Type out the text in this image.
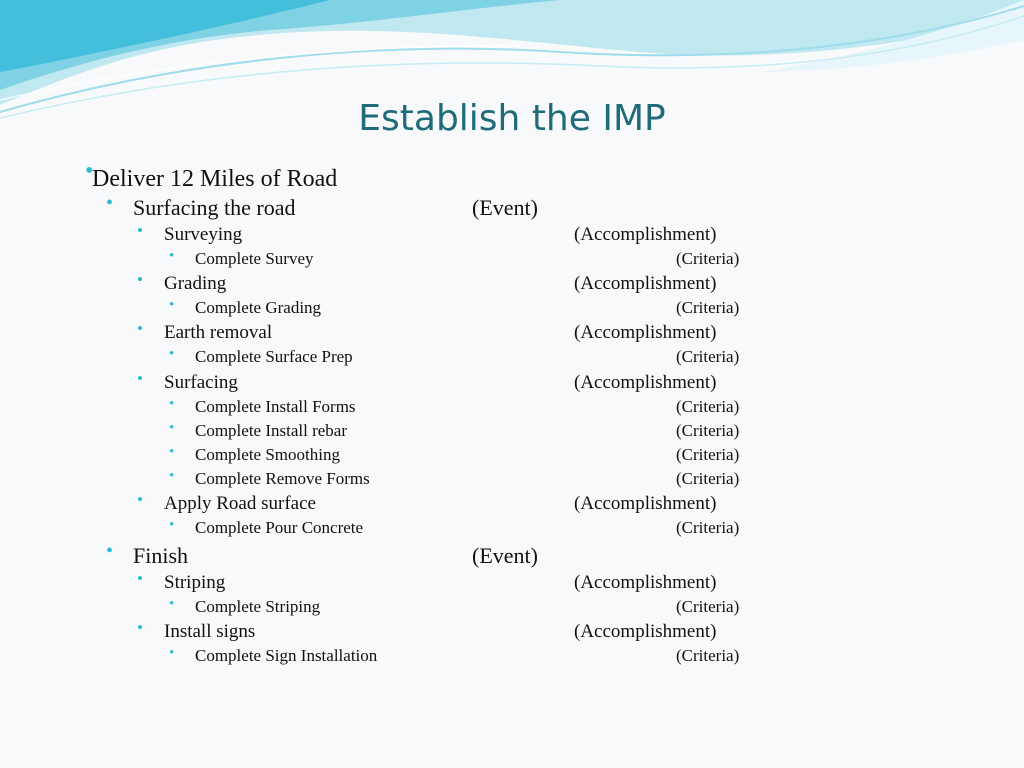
Establish the IMP
•
Deliver 12 Miles of Road
• Surfacing the road	(Event)
• Surveying	(Accomplishment)
• Complete Survey	(Criteria)
• Grading	(Accomplishment)
• Complete Grading	(Criteria)
• Earth removal	(Accomplishment)
• Complete Surface Prep	(Criteria)
• Surfacing	(Accomplishment)
• Complete Install Forms	(Criteria)
• Complete Install rebar	(Criteria)
• Complete Smoothing	(Criteria)
• Complete Remove Forms	(Criteria)
• Apply Road surface	(Accomplishment)
• Complete Pour Concrete	(Criteria)
• Finish	(Event)
• Striping	(Accomplishment)
• Complete Striping	(Criteria)
• Install signs	(Accomplishment)
• Complete Sign Installation	(Criteria)
